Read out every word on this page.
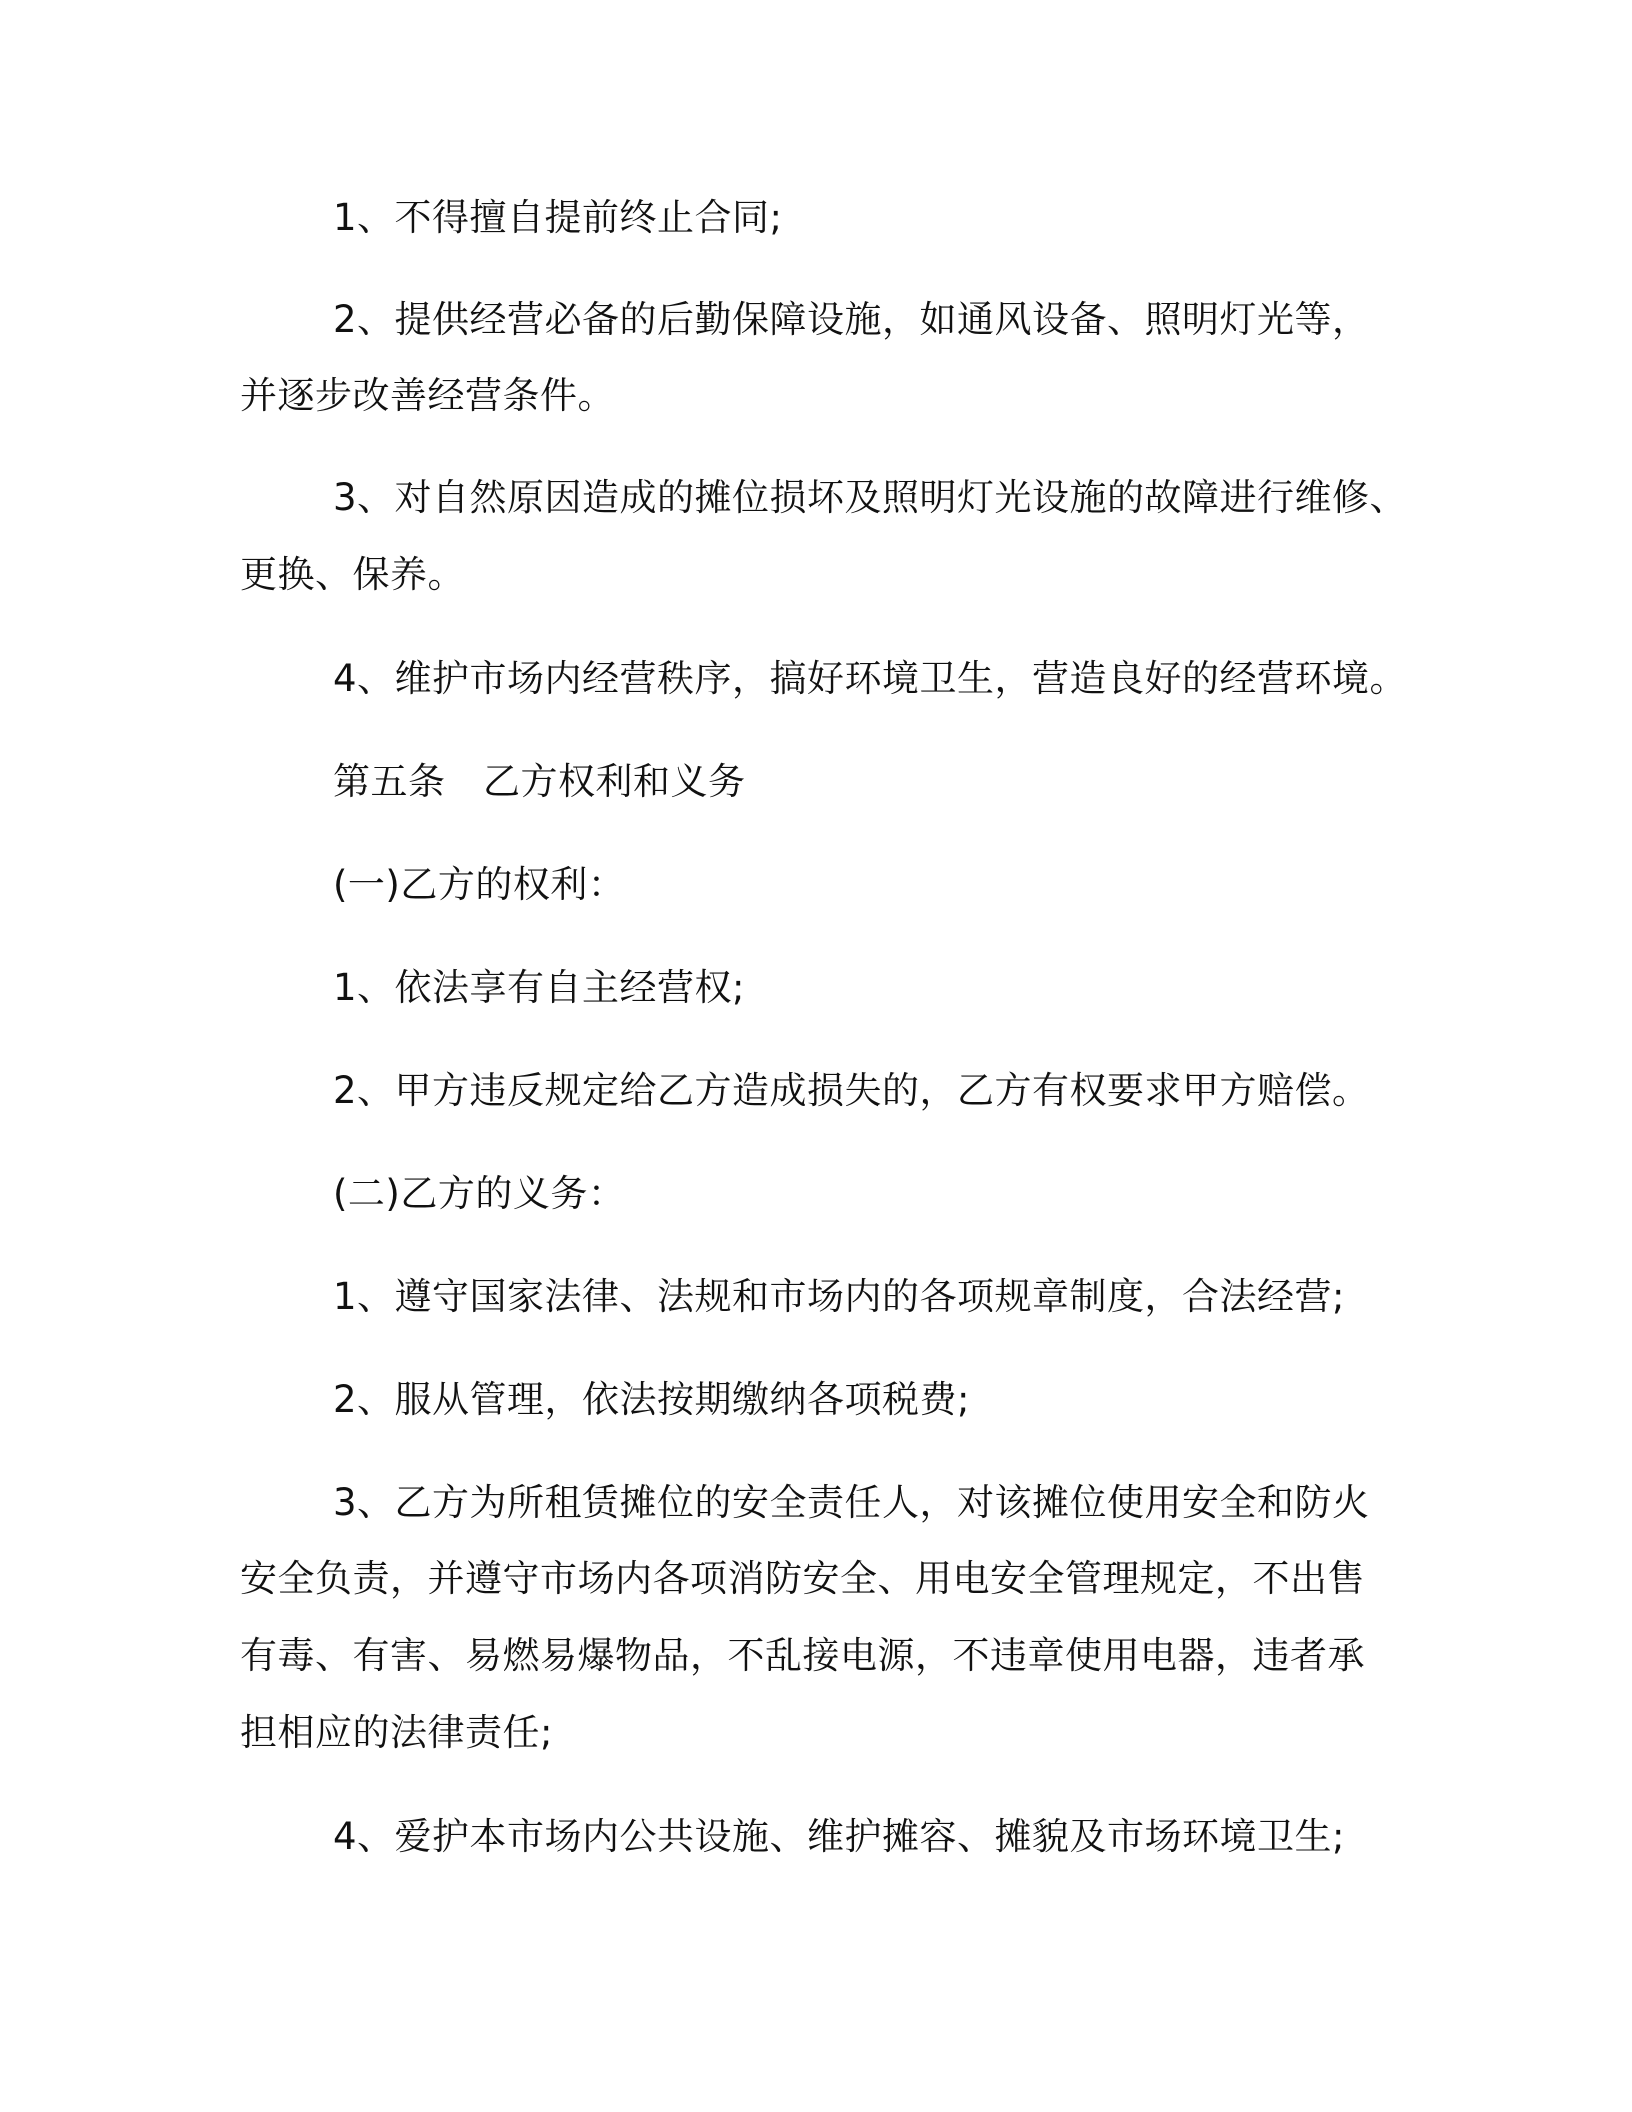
1、不得擅自提前终止合同;
2、提供经营必备的后勤保障设施，如通风设备、照明灯光等，
并逐步改善经营条件。
3、对自然原因造成的摊位损坏及照明灯光设施的故障进行维修、
更换、保养。
4、维护市场内经营秩序，搞好环境卫生，营造良好的经营环境。
第五条　乙方权利和义务
(一)乙方的权利：
1、依法享有自主经营权;
2、甲方违反规定给乙方造成损失的，乙方有权要求甲方赔偿。
(二)乙方的义务：
1、遵守国家法律、法规和市场内的各项规章制度，合法经营;
2、服从管理，依法按期缴纳各项税费;
3、乙方为所租赁摊位的安全责任人，对该摊位使用安全和防火
安全负责，并遵守市场内各项消防安全、用电安全管理规定，不出售
有毒、有害、易燃易爆物品，不乱接电源，不违章使用电器，违者承
担相应的法律责任;
4、爱护本市场内公共设施、维护摊容、摊貌及市场环境卫生;
